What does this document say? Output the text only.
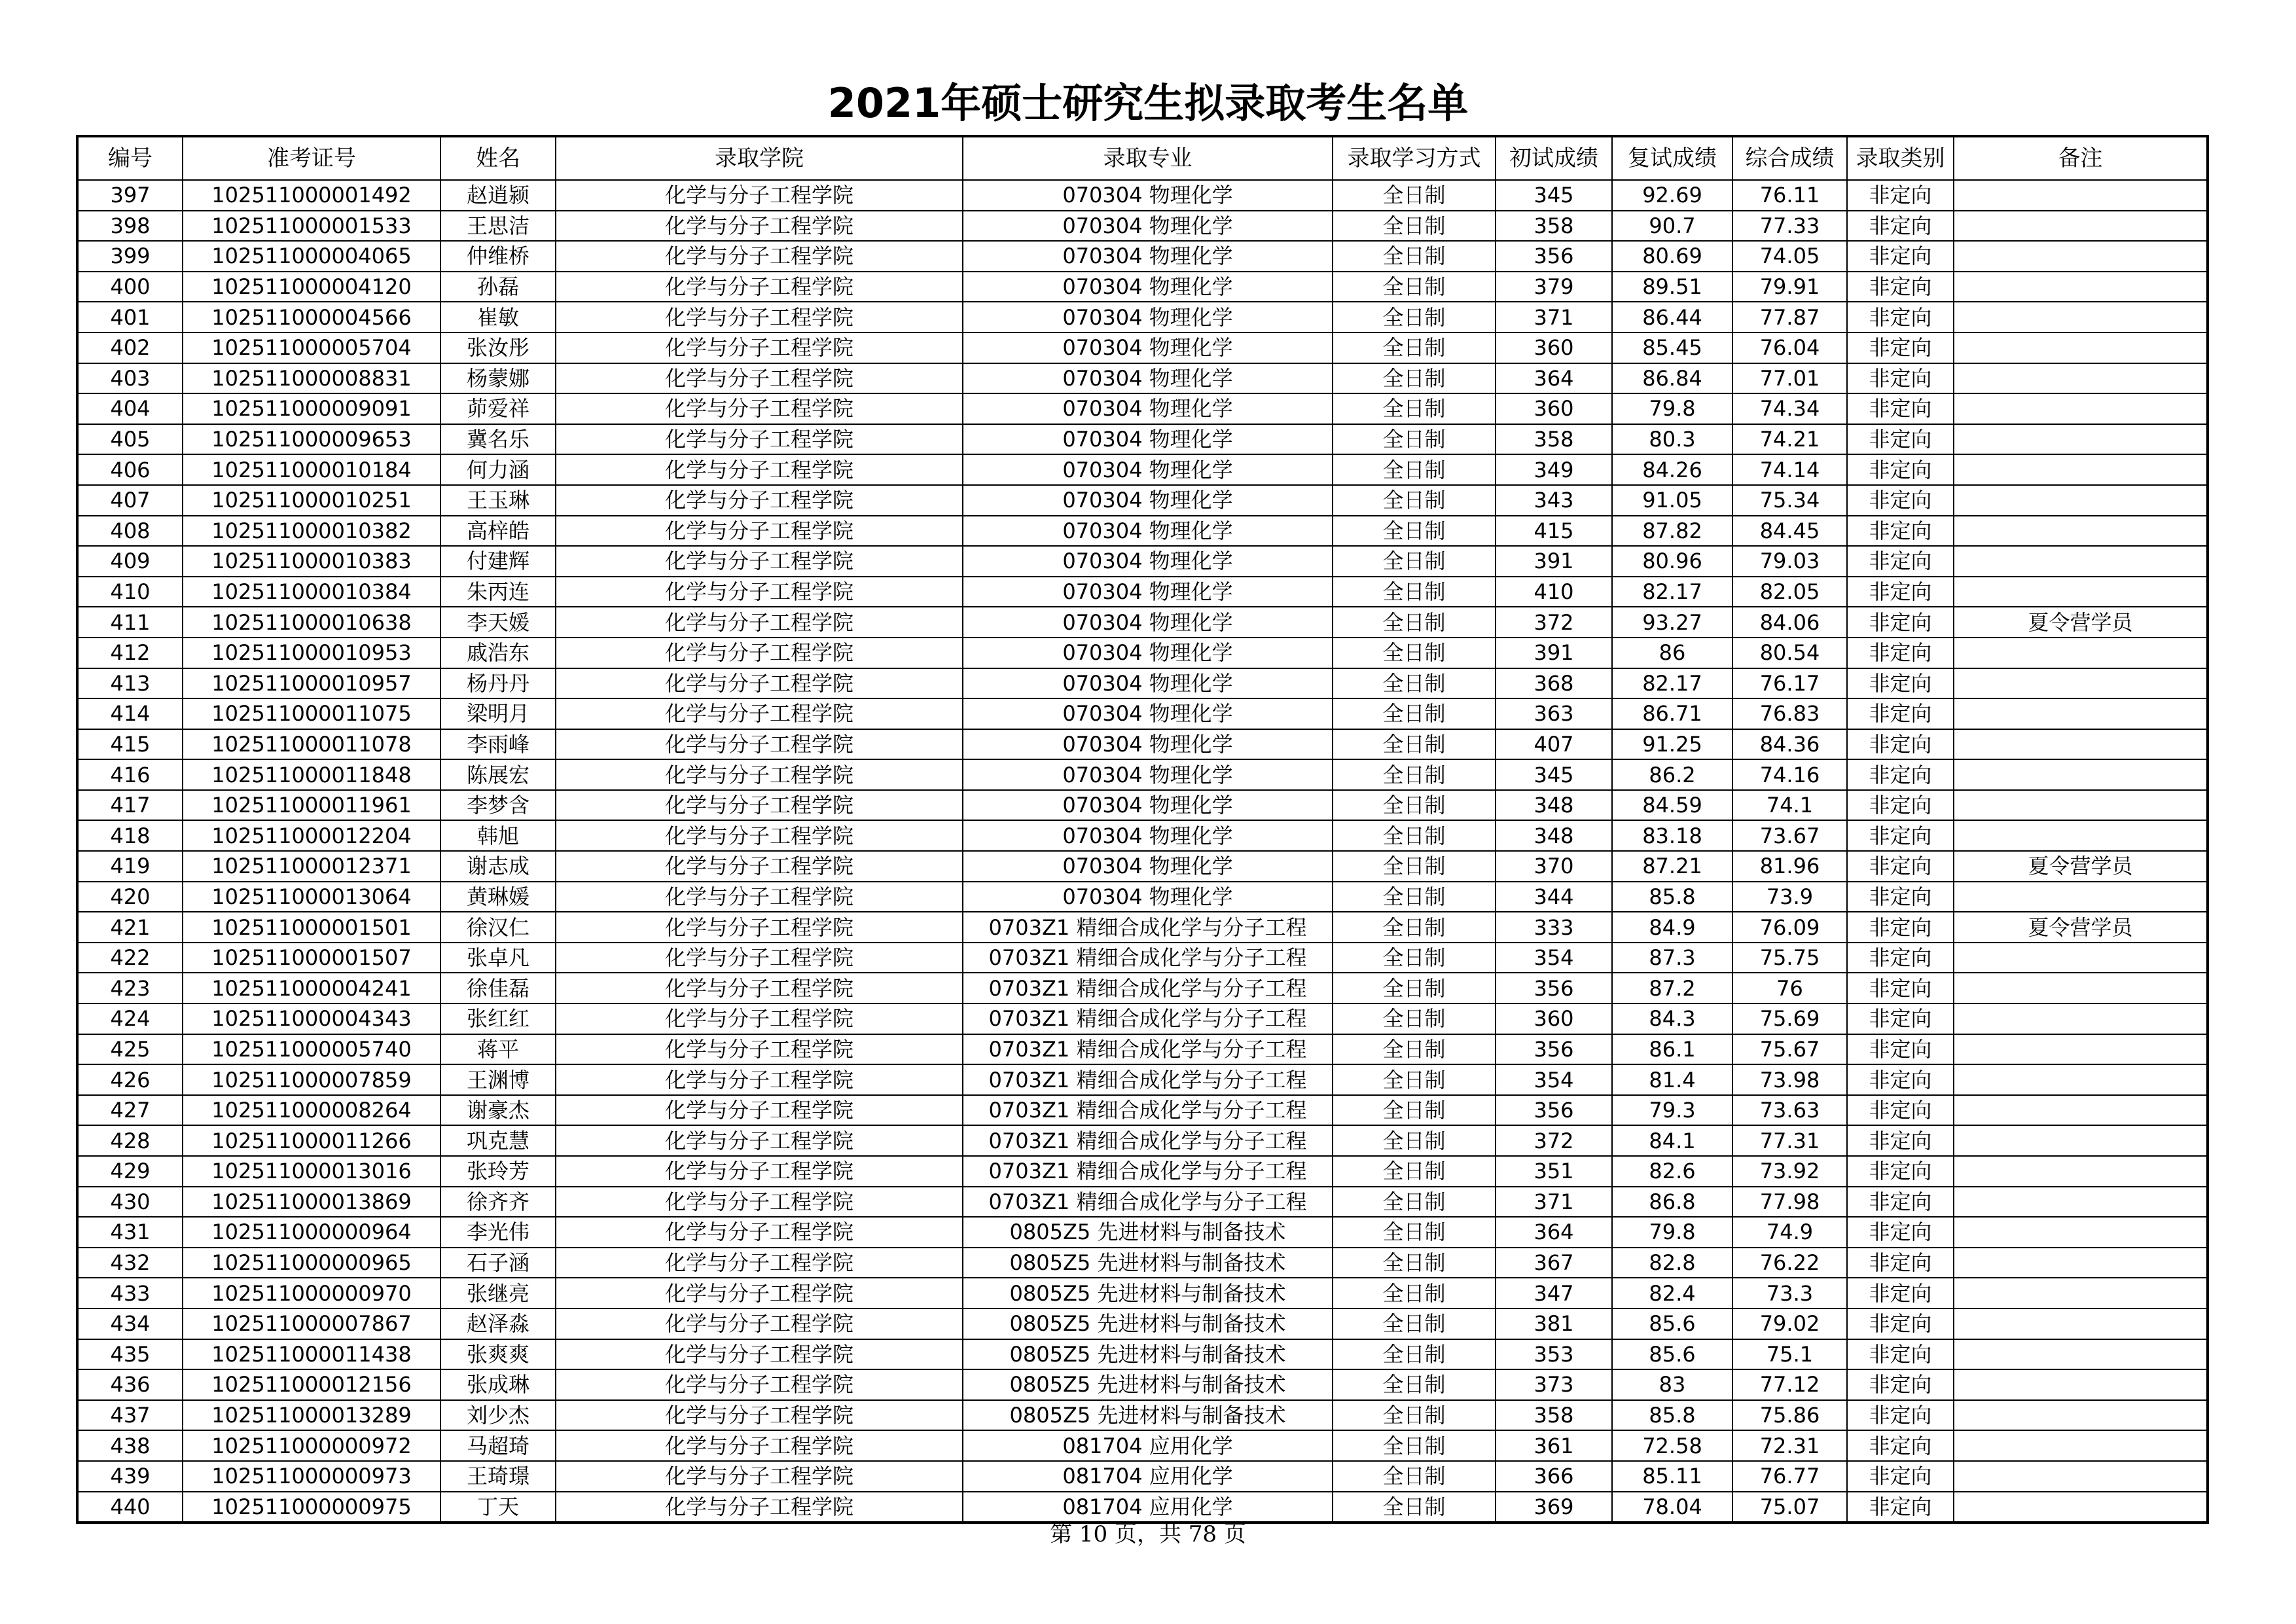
2021年硕士研究生拟录取考生名单
编号	准考证号	姓名	录取学院	录取专业	录取学习方式	初试成绩	复试成绩	综合成绩	录取类别	备注
397	102511000001492	赵逍颍	化学与分子工程学院	070304 物理化学	全日制	345	92.69	76.11	非定向	
398	102511000001533	王思洁	化学与分子工程学院	070304 物理化学	全日制	358	90.7	77.33	非定向	
399	102511000004065	仲维桥	化学与分子工程学院	070304 物理化学	全日制	356	80.69	74.05	非定向	
400	102511000004120	孙磊	化学与分子工程学院	070304 物理化学	全日制	379	89.51	79.91	非定向	
401	102511000004566	崔敏	化学与分子工程学院	070304 物理化学	全日制	371	86.44	77.87	非定向	
402	102511000005704	张汝彤	化学与分子工程学院	070304 物理化学	全日制	360	85.45	76.04	非定向	
403	102511000008831	杨蒙娜	化学与分子工程学院	070304 物理化学	全日制	364	86.84	77.01	非定向	
404	102511000009091	茆爱祥	化学与分子工程学院	070304 物理化学	全日制	360	79.8	74.34	非定向	
405	102511000009653	冀名乐	化学与分子工程学院	070304 物理化学	全日制	358	80.3	74.21	非定向	
406	102511000010184	何力涵	化学与分子工程学院	070304 物理化学	全日制	349	84.26	74.14	非定向	
407	102511000010251	王玉琳	化学与分子工程学院	070304 物理化学	全日制	343	91.05	75.34	非定向	
408	102511000010382	高梓皓	化学与分子工程学院	070304 物理化学	全日制	415	87.82	84.45	非定向	
409	102511000010383	付建辉	化学与分子工程学院	070304 物理化学	全日制	391	80.96	79.03	非定向	
410	102511000010384	朱丙连	化学与分子工程学院	070304 物理化学	全日制	410	82.17	82.05	非定向	
411	102511000010638	李天媛	化学与分子工程学院	070304 物理化学	全日制	372	93.27	84.06	非定向	夏令营学员
412	102511000010953	戚浩东	化学与分子工程学院	070304 物理化学	全日制	391	86	80.54	非定向	
413	102511000010957	杨丹丹	化学与分子工程学院	070304 物理化学	全日制	368	82.17	76.17	非定向	
414	102511000011075	梁明月	化学与分子工程学院	070304 物理化学	全日制	363	86.71	76.83	非定向	
415	102511000011078	李雨峰	化学与分子工程学院	070304 物理化学	全日制	407	91.25	84.36	非定向	
416	102511000011848	陈展宏	化学与分子工程学院	070304 物理化学	全日制	345	86.2	74.16	非定向	
417	102511000011961	李梦含	化学与分子工程学院	070304 物理化学	全日制	348	84.59	74.1	非定向	
418	102511000012204	韩旭	化学与分子工程学院	070304 物理化学	全日制	348	83.18	73.67	非定向	
419	102511000012371	谢志成	化学与分子工程学院	070304 物理化学	全日制	370	87.21	81.96	非定向	夏令营学员
420	102511000013064	黄琳媛	化学与分子工程学院	070304 物理化学	全日制	344	85.8	73.9	非定向	
421	102511000001501	徐汉仁	化学与分子工程学院	0703Z1 精细合成化学与分子工程	全日制	333	84.9	76.09	非定向	夏令营学员
422	102511000001507	张卓凡	化学与分子工程学院	0703Z1 精细合成化学与分子工程	全日制	354	87.3	75.75	非定向	
423	102511000004241	徐佳磊	化学与分子工程学院	0703Z1 精细合成化学与分子工程	全日制	356	87.2	76	非定向	
424	102511000004343	张红红	化学与分子工程学院	0703Z1 精细合成化学与分子工程	全日制	360	84.3	75.69	非定向	
425	102511000005740	蒋平	化学与分子工程学院	0703Z1 精细合成化学与分子工程	全日制	356	86.1	75.67	非定向	
426	102511000007859	王渊博	化学与分子工程学院	0703Z1 精细合成化学与分子工程	全日制	354	81.4	73.98	非定向	
427	102511000008264	谢豪杰	化学与分子工程学院	0703Z1 精细合成化学与分子工程	全日制	356	79.3	73.63	非定向	
428	102511000011266	巩克慧	化学与分子工程学院	0703Z1 精细合成化学与分子工程	全日制	372	84.1	77.31	非定向	
429	102511000013016	张玲芳	化学与分子工程学院	0703Z1 精细合成化学与分子工程	全日制	351	82.6	73.92	非定向	
430	102511000013869	徐齐齐	化学与分子工程学院	0703Z1 精细合成化学与分子工程	全日制	371	86.8	77.98	非定向	
431	102511000000964	李光伟	化学与分子工程学院	0805Z5 先进材料与制备技术	全日制	364	79.8	74.9	非定向	
432	102511000000965	石子涵	化学与分子工程学院	0805Z5 先进材料与制备技术	全日制	367	82.8	76.22	非定向	
433	102511000000970	张继亮	化学与分子工程学院	0805Z5 先进材料与制备技术	全日制	347	82.4	73.3	非定向	
434	102511000007867	赵泽淼	化学与分子工程学院	0805Z5 先进材料与制备技术	全日制	381	85.6	79.02	非定向	
435	102511000011438	张爽爽	化学与分子工程学院	0805Z5 先进材料与制备技术	全日制	353	85.6	75.1	非定向	
436	102511000012156	张成琳	化学与分子工程学院	0805Z5 先进材料与制备技术	全日制	373	83	77.12	非定向	
437	102511000013289	刘少杰	化学与分子工程学院	0805Z5 先进材料与制备技术	全日制	358	85.8	75.86	非定向	
438	102511000000972	马超琦	化学与分子工程学院	081704 应用化学	全日制	361	72.58	72.31	非定向	
439	102511000000973	王琦璟	化学与分子工程学院	081704 应用化学	全日制	366	85.11	76.77	非定向	
440	102511000000975	丁天	化学与分子工程学院	081704 应用化学	全日制	369	78.04	75.07	非定向	
第 10 页，共 78 页
